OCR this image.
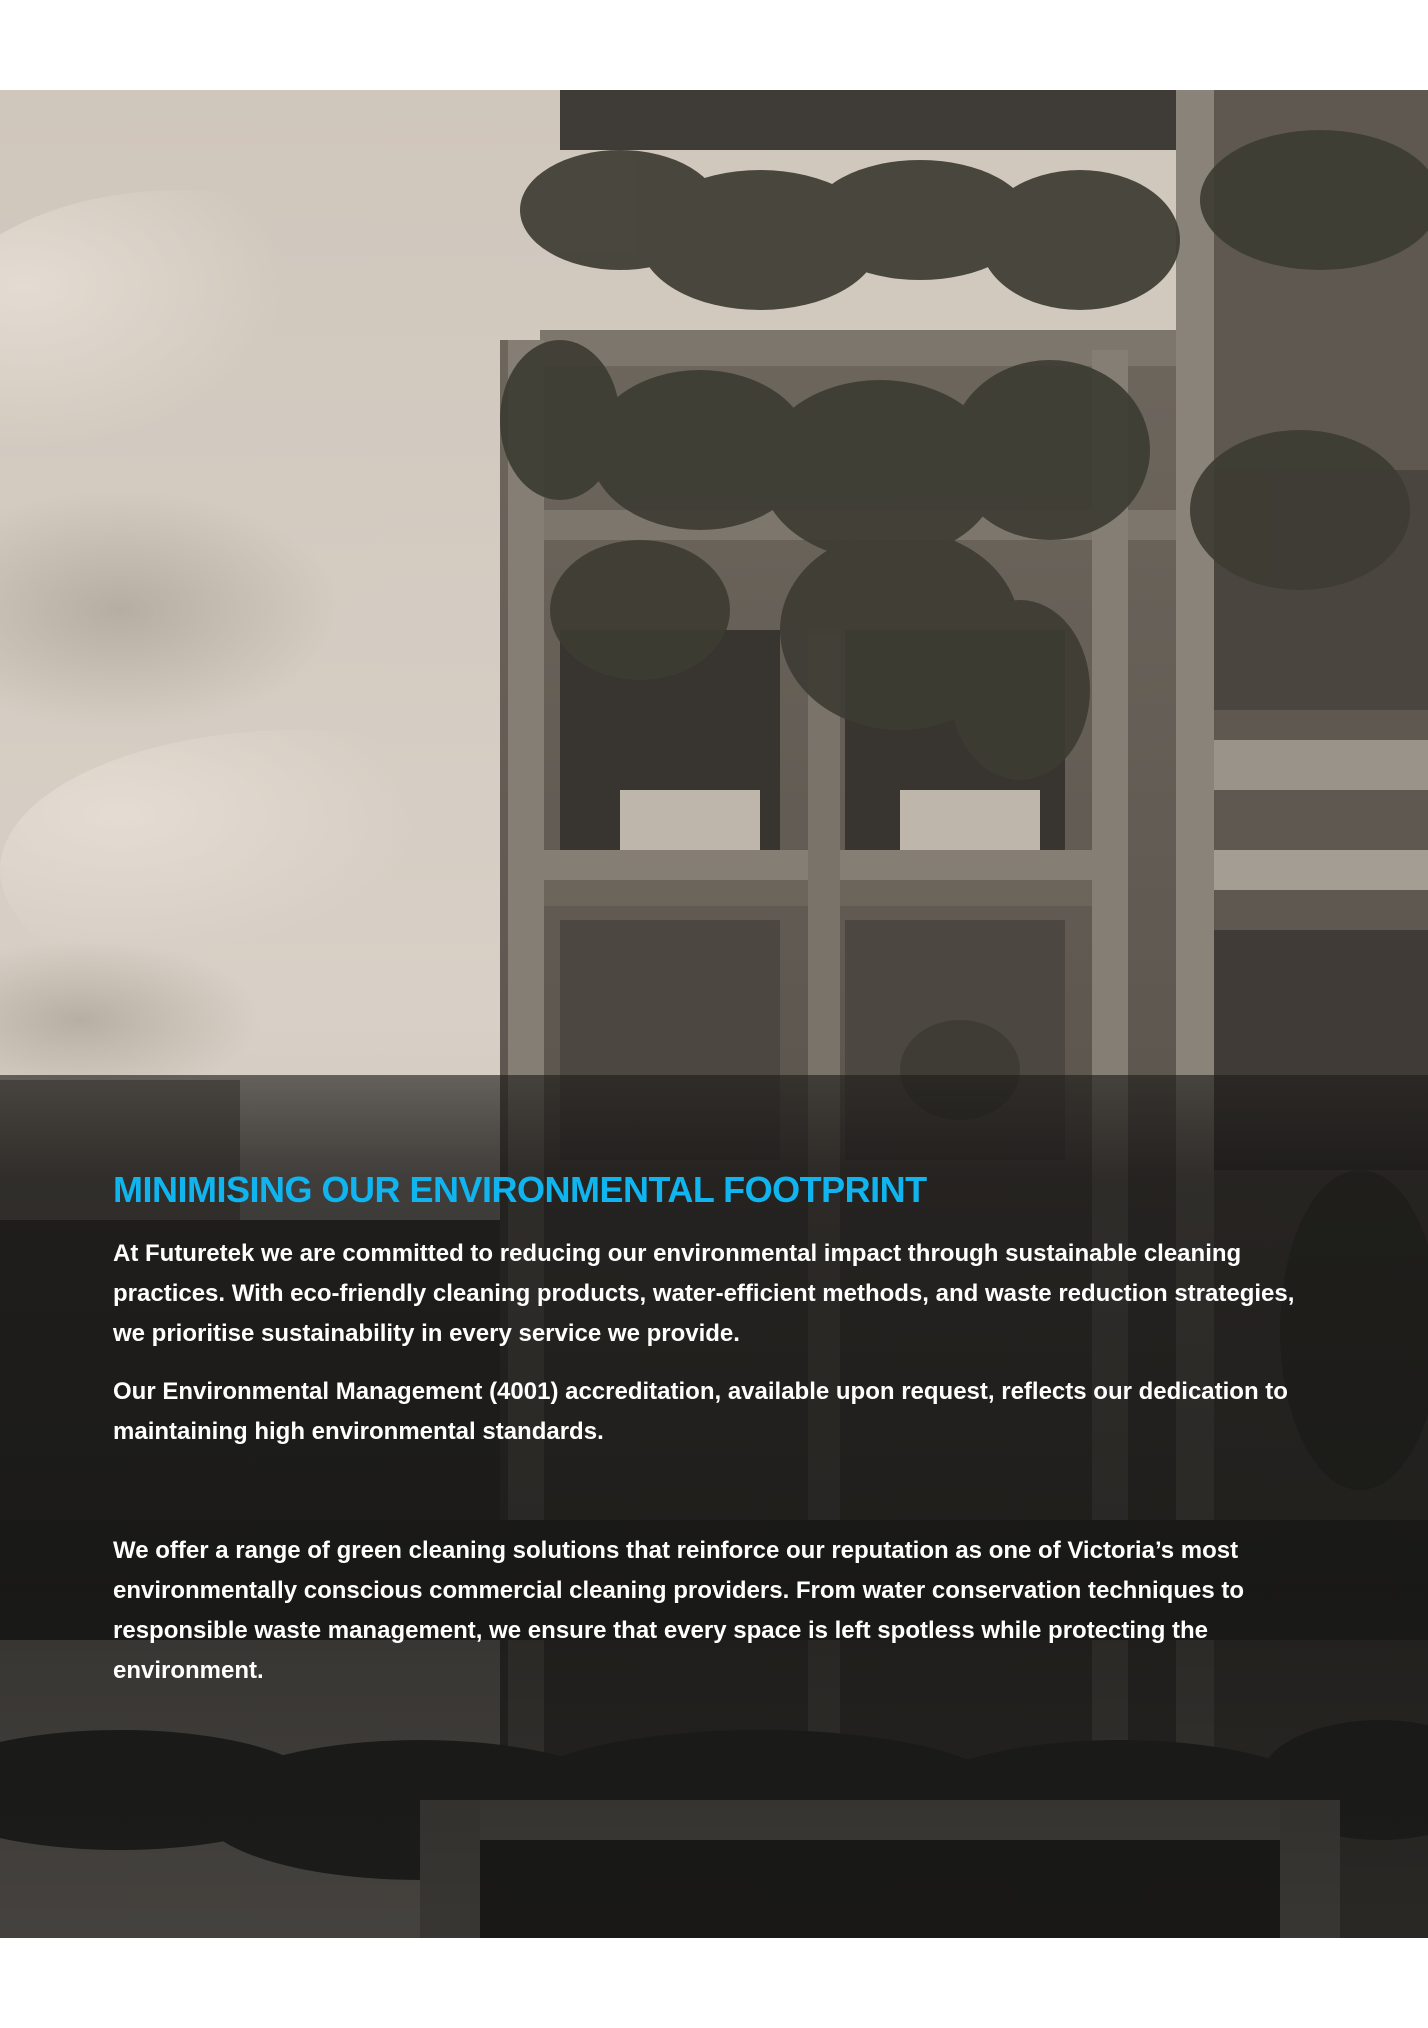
MINIMISING OUR ENVIRONMENTAL FOOTPRINT

At Futuretek we are committed to reducing our environmental impact through sustainable cleaning practices. With eco-friendly cleaning products, water-efficient methods, and waste reduction strategies, we prioritise sustainability in every service we provide.

Our Environmental Management (4001) accreditation, available upon request, reflects our dedication to maintaining high environmental standards.

We offer a range of green cleaning solutions that reinforce our reputation as one of Victoria’s most environmentally conscious commercial cleaning providers. From water conservation techniques to responsible waste management, we ensure that every space is left spotless while protecting the environment.
